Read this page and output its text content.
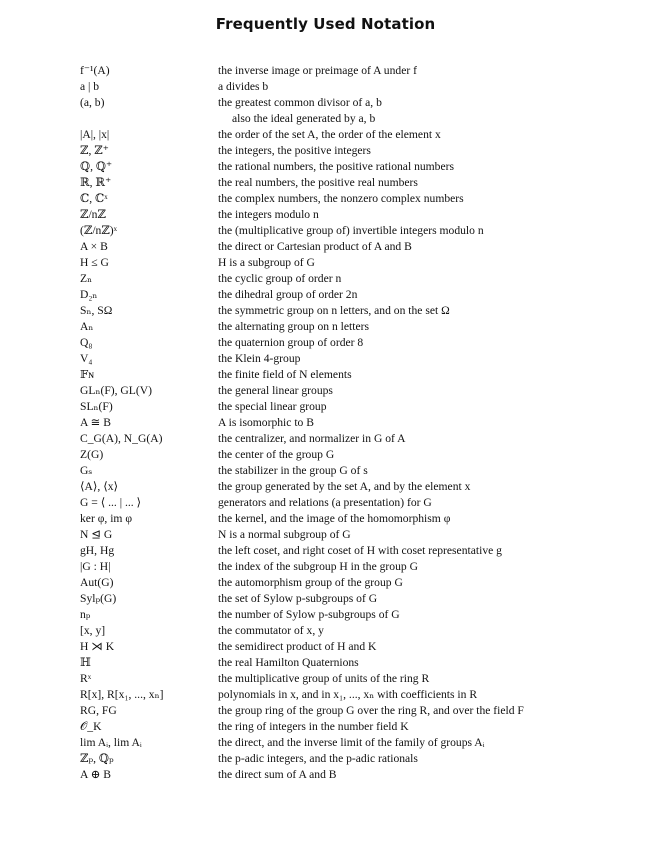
Frequently Used Notation
f⁻¹(A)	the inverse image or preimage of A under f
a | b	a divides b
(a, b)	the greatest common divisor of a, b
also the ideal generated by a, b
|A|, |x|	the order of the set A, the order of the element x
ℤ, ℤ⁺	the integers, the positive integers
ℚ, ℚ⁺	the rational numbers, the positive rational numbers
ℝ, ℝ⁺	the real numbers, the positive real numbers
ℂ, ℂˣ	the complex numbers, the nonzero complex numbers
ℤ/nℤ	the integers modulo n
(ℤ/nℤ)ˣ	the (multiplicative group of) invertible integers modulo n
A × B	the direct or Cartesian product of A and B
H ≤ G	H is a subgroup of G
Zₙ	the cyclic group of order n
D₂ₙ	the dihedral group of order 2n
Sₙ, SΩ	the symmetric group on n letters, and on the set Ω
Aₙ	the alternating group on n letters
Q₈	the quaternion group of order 8
V₄	the Klein 4-group
𝔽ɴ	the finite field of N elements
GLₙ(F), GL(V)	the general linear groups
SLₙ(F)	the special linear group
A ≅ B	A is isomorphic to B
C_G(A), N_G(A)	the centralizer, and normalizer in G of A
Z(G)	the center of the group G
Gₛ	the stabilizer in the group G of s
⟨A⟩, ⟨x⟩	the group generated by the set A, and by the element x
G = ⟨ ... | ... ⟩	generators and relations (a presentation) for G
ker φ, im φ	the kernel, and the image of the homomorphism φ
N ⊴ G	N is a normal subgroup of G
gH, Hg	the left coset, and right coset of H with coset representative g
|G : H|	the index of the subgroup H in the group G
Aut(G)	the automorphism group of the group G
Sylₚ(G)	the set of Sylow p-subgroups of G
nₚ	the number of Sylow p-subgroups of G
[x, y]	the commutator of x, y
H ⋊ K	the semidirect product of H and K
ℍ	the real Hamilton Quaternions
Rˣ	the multiplicative group of units of the ring R
R[x], R[x₁, ..., xₙ]	polynomials in x, and in x₁, ..., xₙ with coefficients in R
RG, FG	the group ring of the group G over the ring R, and over the field F
𝒪_K	the ring of integers in the number field K
lim Aᵢ, lim Aᵢ	the direct, and the inverse limit of the family of groups Aᵢ
ℤₚ, ℚₚ	the p-adic integers, and the p-adic rationals
A ⊕ B	the direct sum of A and B
